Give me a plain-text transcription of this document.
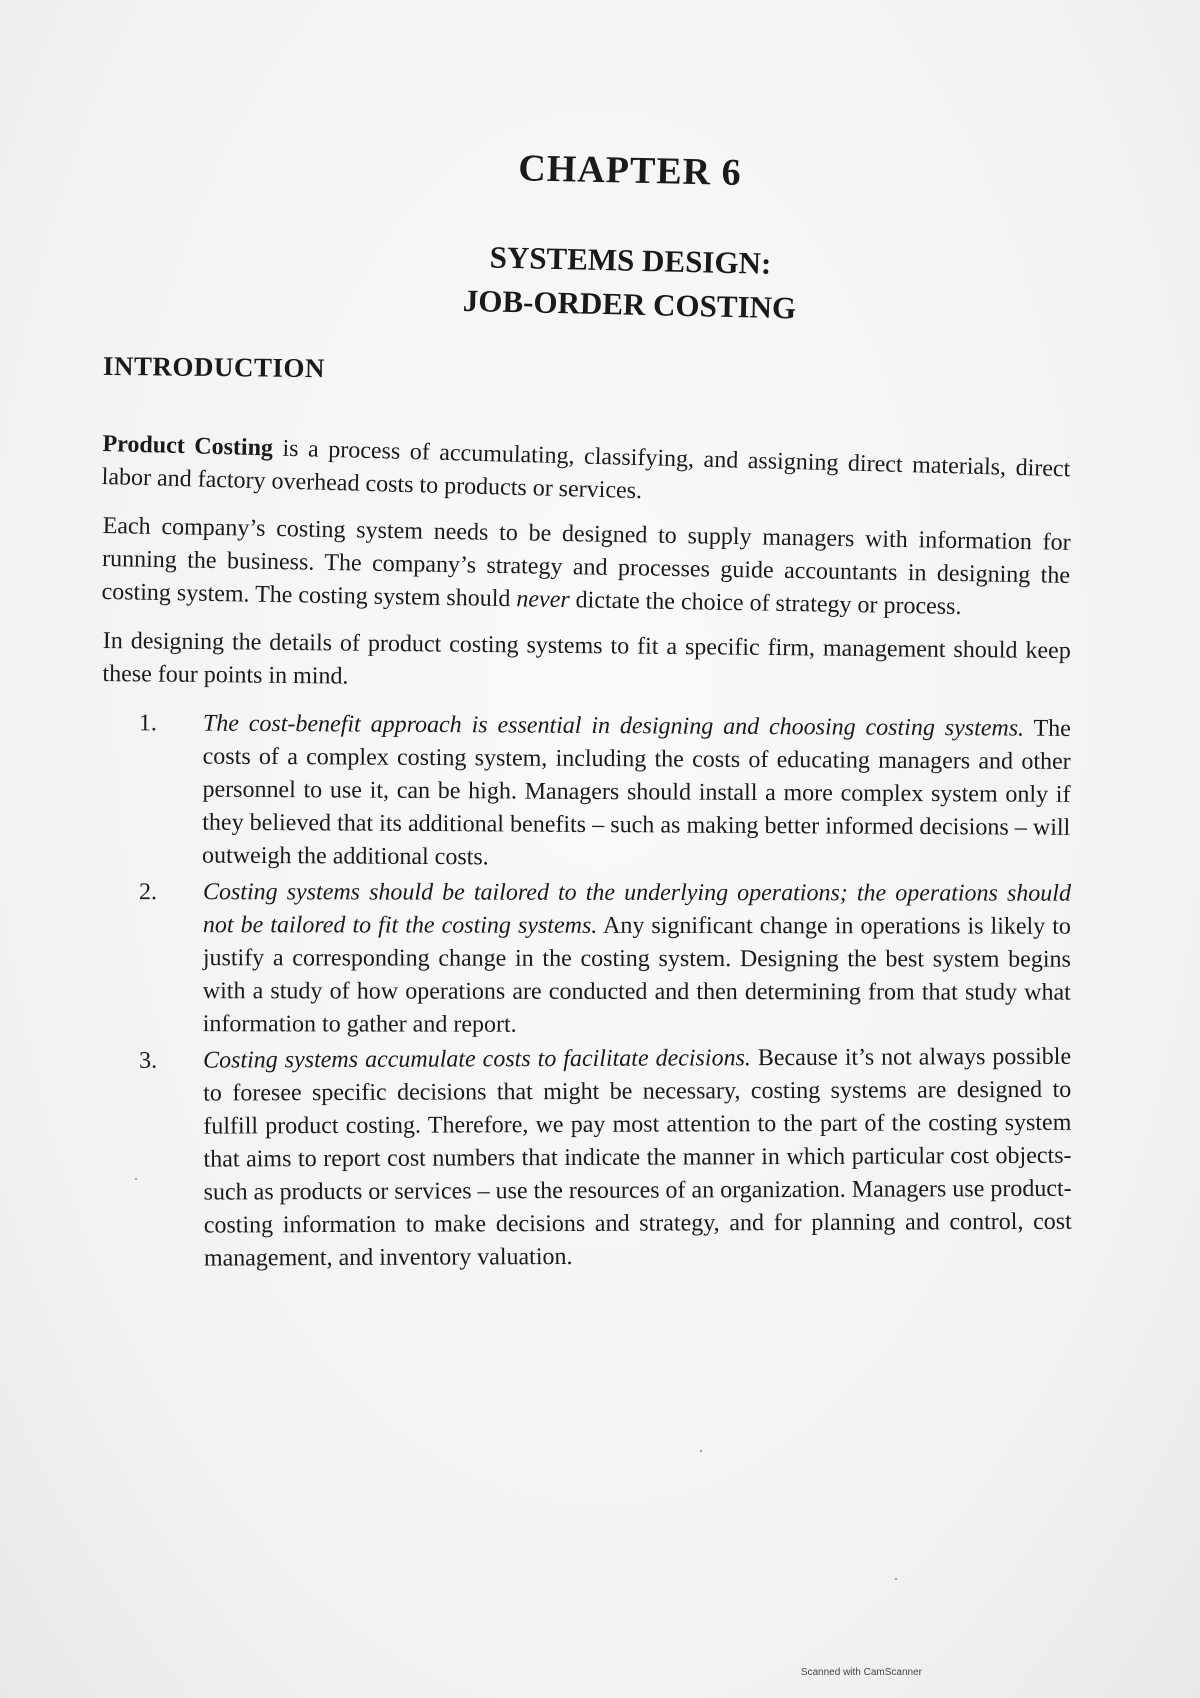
CHAPTER 6
SYSTEMS DESIGN:
JOB-ORDER COSTING
INTRODUCTION

Product Costing is a process of accumulating, classifying, and assigning direct materials, direct labor and factory overhead costs to products or services.

Each company’s costing system needs to be designed to supply managers with information for running the business. The company’s strategy and processes guide accountants in designing the costing system. The costing system should never dictate the choice of strategy or process.

In designing the details of product costing systems to fit a specific firm, management should keep these four points in mind.

1. The cost-benefit approach is essential in designing and choosing costing systems. The costs of a complex costing system, including the costs of educating managers and other personnel to use it, can be high. Managers should install a more complex system only if they believed that its additional benefits – such as making better informed decisions – will outweigh the additional costs.
2. Costing systems should be tailored to the underlying operations; the operations should not be tailored to fit the costing systems. Any significant change in operations is likely to justify a corresponding change in the costing system. Designing the best system begins with a study of how operations are conducted and then determining from that study what information to gather and report.
3. Costing systems accumulate costs to facilitate decisions. Because it’s not always possible to foresee specific decisions that might be necessary, costing systems are designed to fulfill product costing. Therefore, we pay most attention to the part of the costing system that aims to report cost numbers that indicate the manner in which particular cost objects- such as products or services – use the resources of an organization. Managers use product-costing information to make decisions and strategy, and for planning and control, cost management, and inventory valuation.
Scanned with CamScanner
